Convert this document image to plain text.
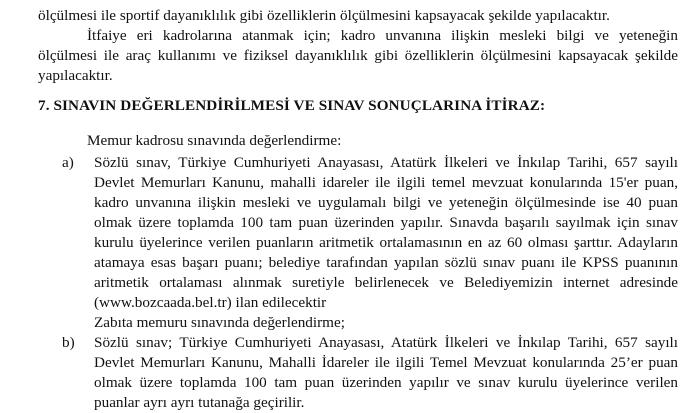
ölçülmesi ile sportif dayanıklılık gibi özelliklerin ölçülmesini kapsayacak şekilde yapılacaktır.
İtfaiye eri kadrolarına atanmak için; kadro unvanına ilişkin mesleki bilgi ve yeteneğin
ölçülmesi ile araç kullanımı ve fiziksel dayanıklılık gibi özelliklerin ölçülmesini kapsayacak şekilde
yapılacaktır.
7. SINAVIN DEĞERLENDİRİLMESİ VE SINAV SONUÇLARINA İTİRAZ:
Memur kadrosu sınavında değerlendirme:
a) Sözlü sınav, Türkiye Cumhuriyeti Anayasası, Atatürk İlkeleri ve İnkılap Tarihi, 657 sayılı
Devlet Memurları Kanunu, mahalli idareler ile ilgili temel mevzuat konularında 15'er puan,
kadro unvanına ilişkin mesleki ve uygulamalı bilgi ve yeteneğin ölçülmesinde ise 40 puan
olmak üzere toplamda 100 tam puan üzerinden yapılır. Sınavda başarılı sayılmak için sınav
kurulu üyelerince verilen puanların aritmetik ortalamasının en az 60 olması şarttır. Adayların
atamaya esas başarı puanı; belediye tarafından yapılan sözlü sınav puanı ile KPSS puanının
aritmetik ortalaması alınmak suretiyle belirlenecek ve Belediyemizin internet adresinde
(www.bozcaada.bel.tr) ilan edilecektir
Zabıta memuru sınavında değerlendirme;
b) Sözlü sınav; Türkiye Cumhuriyeti Anayasası, Atatürk İlkeleri ve İnkılap Tarihi, 657 sayılı
Devlet Memurları Kanunu, Mahalli İdareler ile ilgili Temel Mevzuat konularında 25’er puan
olmak üzere toplamda 100 tam puan üzerinden yapılır ve sınav kurulu üyelerince verilen
puanlar ayrı ayrı tutanağa geçirilir.
